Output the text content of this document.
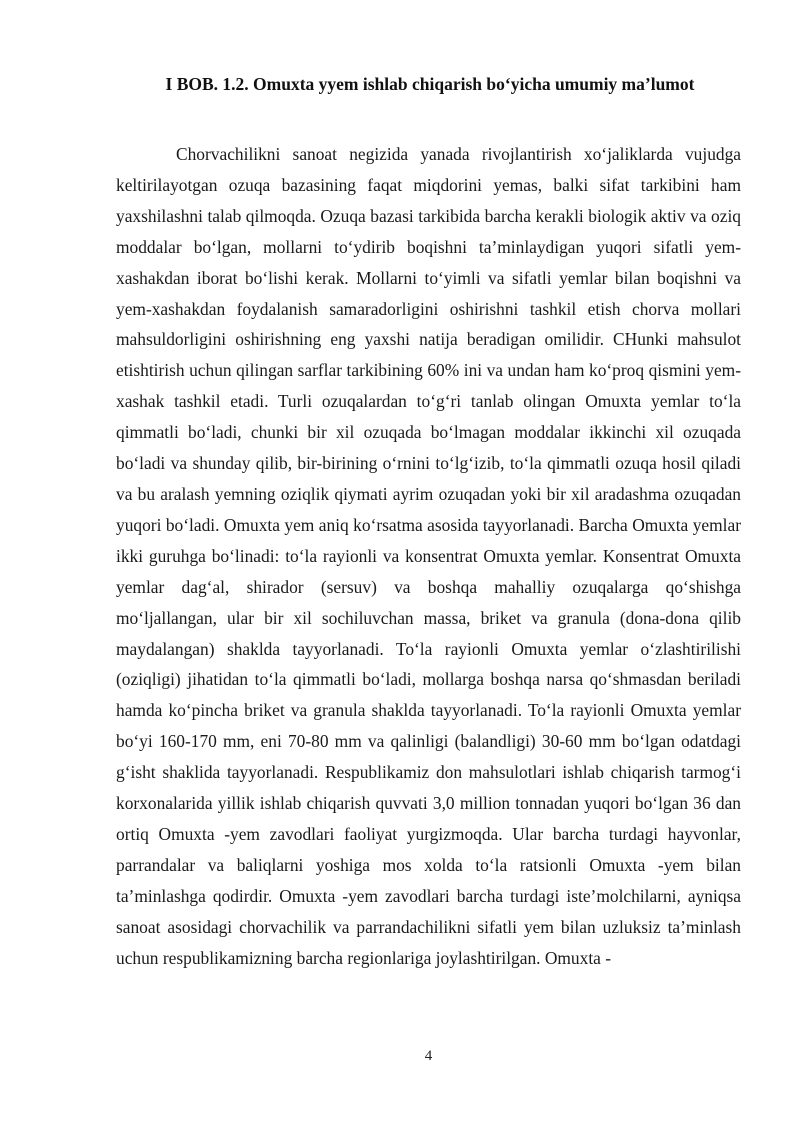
I BOB. 1.2. Omuxta yyem ishlab chiqarish bo‘yicha umumiy ma’lumot

Chorvachilikni sanoat negizida yanada rivojlantirish xo‘jaliklarda vujudga keltirilayotgan ozuqa bazasining faqat miqdorini yemas, balki sifat tarkibini ham yaxshilashni talab qilmoqda. Ozuqa bazasi tarkibida barcha kerakli biologik aktiv va oziq moddalar bo‘lgan, mollarni to‘ydirib boqishni ta’minlaydigan yuqori sifatli yem-xashakdan iborat bo‘lishi kerak. Mollarni to‘yimli va sifatli yemlar bilan boqishni va yem-xashakdan foydalanish samaradorligini oshirishni tashkil etish chorva mollari mahsuldorligini oshirishning eng yaxshi natija beradigan omilidir. CHunki mahsulot etishtirish uchun qilingan sarflar tarkibining 60% ini va undan ham ko‘proq qismini yem-xashak tashkil etadi. Turli ozuqalardan to‘g‘ri tanlab olingan Omuxta yemlar to‘la qimmatli bo‘ladi, chunki bir xil ozuqada bo‘lmagan moddalar ikkinchi xil ozuqada bo‘ladi va shunday qilib, bir-birining o‘rnini to‘lg‘izib, to‘la qimmatli ozuqa hosil qiladi va bu aralash yemning oziqlik qiymati ayrim ozuqadan yoki bir xil aradashma ozuqadan yuqori bo‘ladi. Omuxta yem aniq ko‘rsatma asosida tayyorlanadi. Barcha Omuxta yemlar ikki guruhga bo‘linadi: to‘la rayionli va konsentrat Omuxta yemlar. Konsentrat Omuxta yemlar dag‘al, shirador (sersuv) va boshqa mahalliy ozuqalarga qo‘shishga mo‘ljallangan, ular bir xil sochiluvchan massa, briket va granula (dona-dona qilib maydalangan) shaklda tayyorlanadi. To‘la rayionli Omuxta yemlar o‘zlashtirilishi (oziqligi) jihatidan to‘la qimmatli bo‘ladi, mollarga boshqa narsa qo‘shmasdan beriladi hamda ko‘pincha briket va granula shaklda tayyorlanadi. To‘la rayionli Omuxta yemlar bo‘yi 160-170 mm, eni 70-80 mm va qalinligi (balandligi) 30-60 mm bo‘lgan odatdagi g‘isht shaklida tayyorlanadi. Respublikamiz don mahsulotlari ishlab chiqarish tarmog‘i korxonalarida yillik ishlab chiqarish quvvati 3,0 million tonnadan yuqori bo‘lgan 36 dan ortiq Omuxta -yem zavodlari faoliyat yurgizmoqda. Ular barcha turdagi hayvonlar, parrandalar va baliqlarni yoshiga mos xolda to‘la ratsionli Omuxta -yem bilan ta’minlashga qodirdir. Omuxta -yem zavodlari barcha turdagi iste’molchilarni, ayniqsa sanoat asosidagi chorvachilik va parrandachilikni sifatli yem bilan uzluksiz ta’minlash uchun respublikamizning barcha regionlariga joylashtirilgan. Omuxta -

4
